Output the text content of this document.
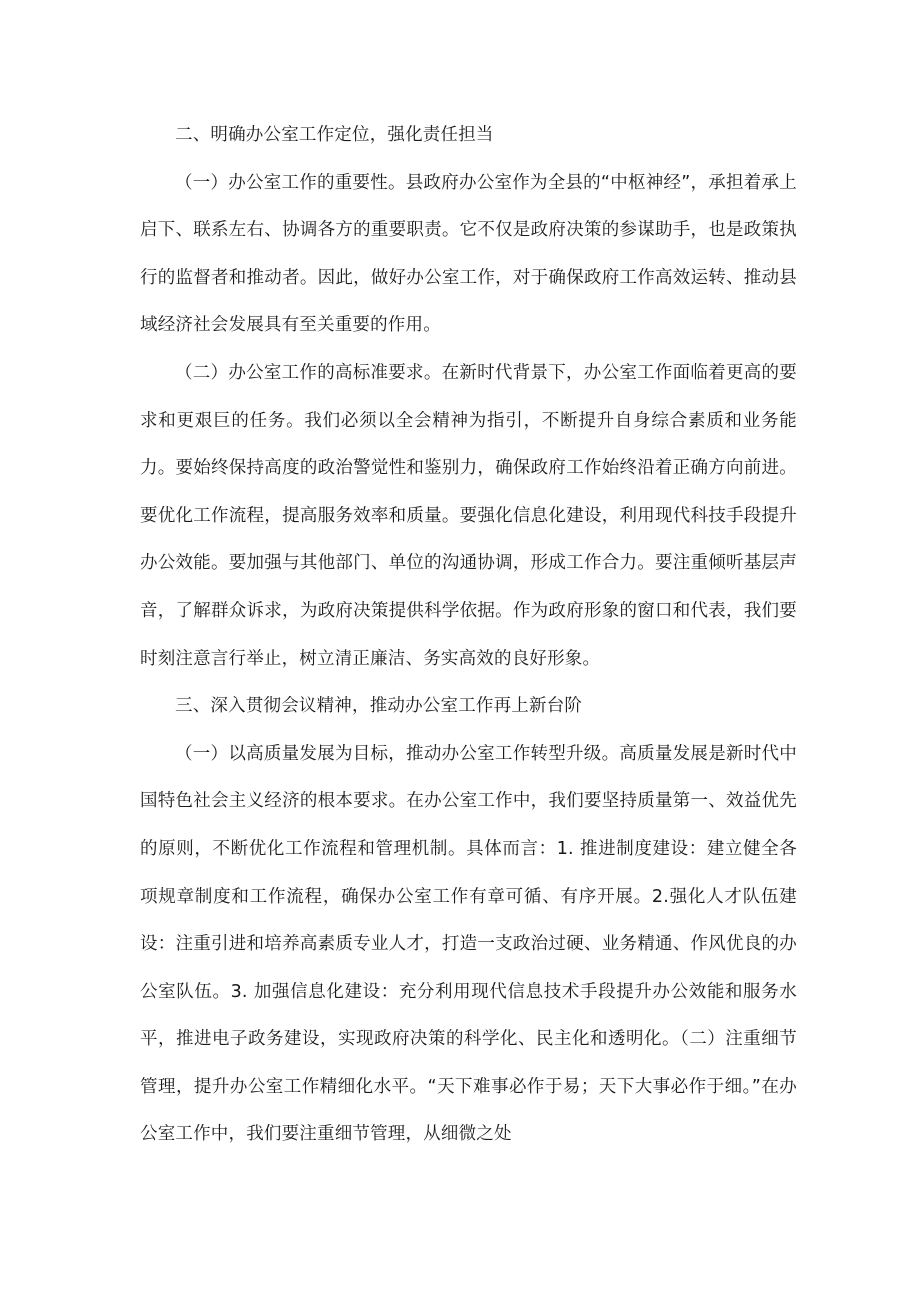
二、明确办公室工作定位，强化责任担当

（一）办公室工作的重要性。县政府办公室作为全县的“中枢神经”，承担着承上启下、联系左右、协调各方的重要职责。它不仅是政府决策的参谋助手，也是政策执行的监督者和推动者。因此，做好办公室工作，对于确保政府工作高效运转、推动县域经济社会发展具有至关重要的作用。

（二）办公室工作的高标准要求。在新时代背景下，办公室工作面临着更高的要求和更艰巨的任务。我们必须以全会精神为指引，不断提升自身综合素质和业务能力。要始终保持高度的政治警觉性和鉴别力，确保政府工作始终沿着正确方向前进。要优化工作流程，提高服务效率和质量。要强化信息化建设，利用现代科技手段提升办公效能。要加强与其他部门、单位的沟通协调，形成工作合力。要注重倾听基层声音，了解群众诉求，为政府决策提供科学依据。作为政府形象的窗口和代表，我们要时刻注意言行举止，树立清正廉洁、务实高效的良好形象。

三、深入贯彻会议精神，推动办公室工作再上新台阶

（一）以高质量发展为目标，推动办公室工作转型升级。高质量发展是新时代中国特色社会主义经济的根本要求。在办公室工作中，我们要坚持质量第一、效益优先的原则，不断优化工作流程和管理机制。具体而言：1. 推进制度建设：建立健全各项规章制度和工作流程，确保办公室工作有章可循、有序开展。2.强化人才队伍建设：注重引进和培养高素质专业人才，打造一支政治过硬、业务精通、作风优良的办公室队伍。3. 加强信息化建设：充分利用现代信息技术手段提升办公效能和服务水平，推进电子政务建设，实现政府决策的科学化、民主化和透明化。（二）注重细节管理，提升办公室工作精细化水平。“天下难事必作于易；天下大事必作于细。”在办公室工作中，我们要注重细节管理，从细微之处
